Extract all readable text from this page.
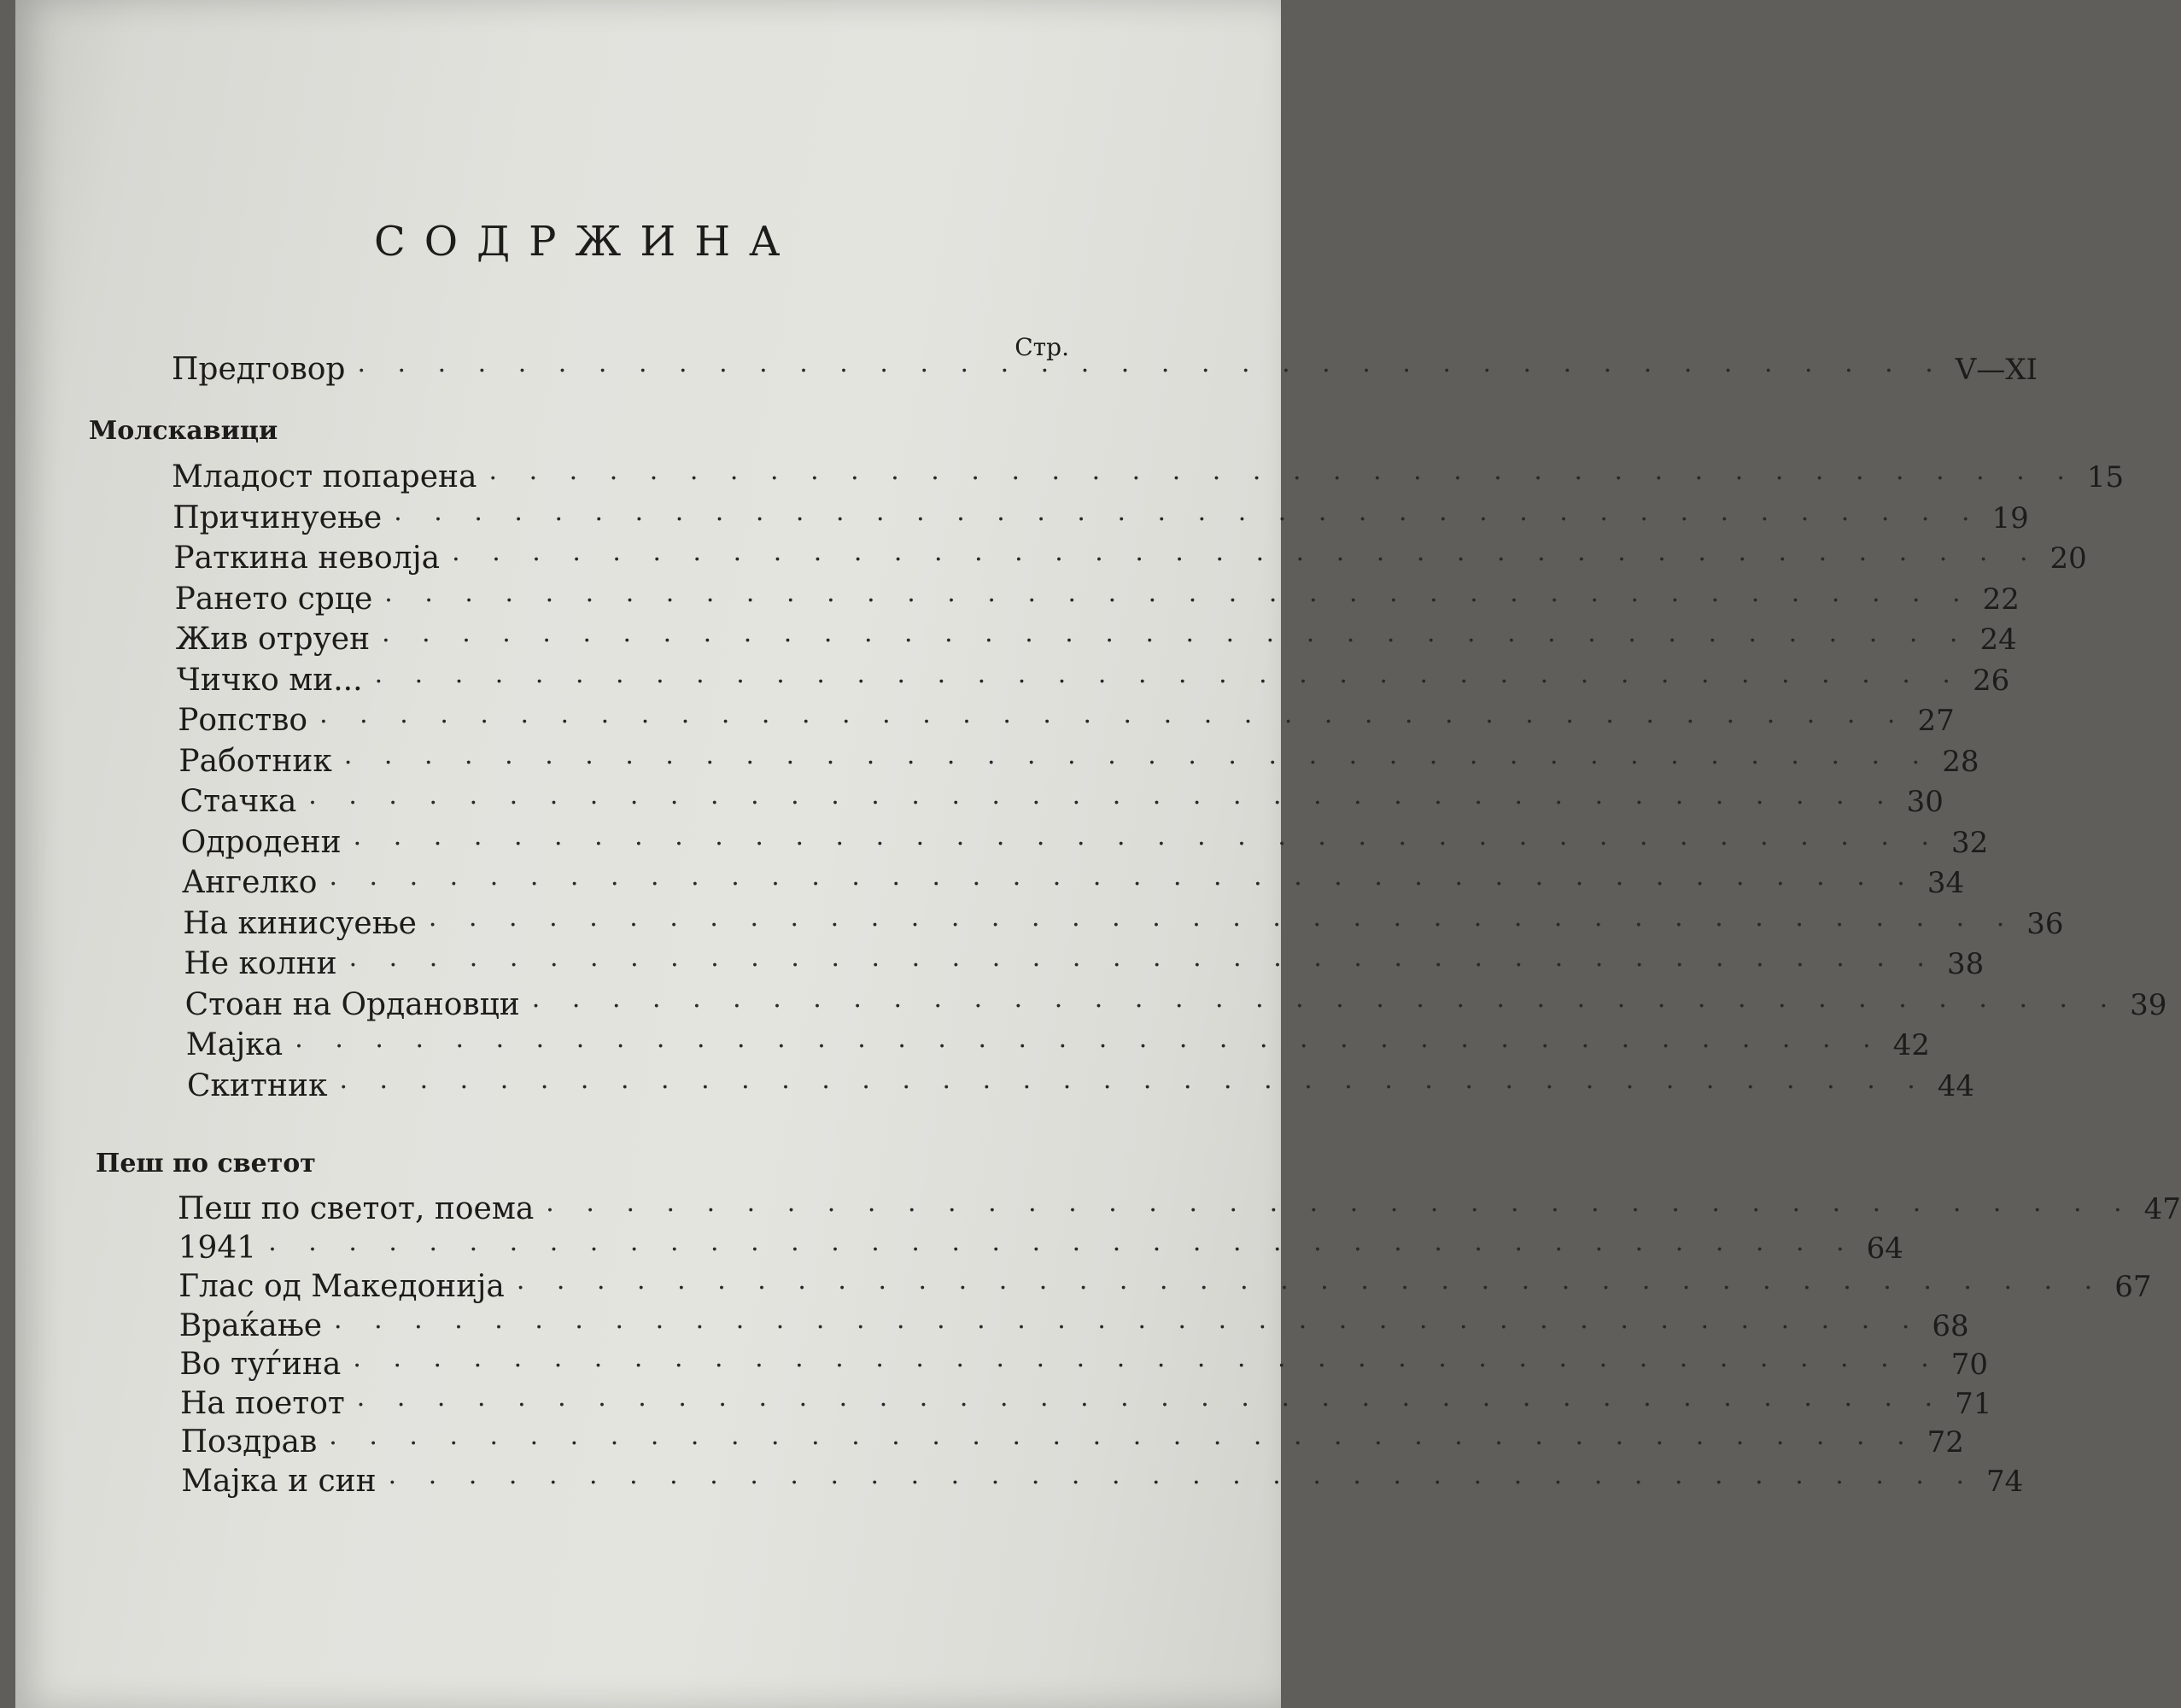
СОДРЖИНА
Стр.
Предговор · · · · · · · · · · · · · · · · · · · · · · · · · · · · · · · · · · · · · · · · V—XI
Молскавици
Младост попарена · · · · · · · · · · · · · · · · · · · · · · · · · · · · · · · · · · · · · · · · 15
Причинуење · · · · · · · · · · · · · · · · · · · · · · · · · · · · · · · · · · · · · · · · 19
Раткина неволја · · · · · · · · · · · · · · · · · · · · · · · · · · · · · · · · · · · · · · · · 20
Рането срце · · · · · · · · · · · · · · · · · · · · · · · · · · · · · · · · · · · · · · · · 22
Жив отруен · · · · · · · · · · · · · · · · · · · · · · · · · · · · · · · · · · · · · · · · 24
Чичко ми... · · · · · · · · · · · · · · · · · · · · · · · · · · · · · · · · · · · · · · · · 26
Ропство · · · · · · · · · · · · · · · · · · · · · · · · · · · · · · · · · · · · · · · · 27
Работник · · · · · · · · · · · · · · · · · · · · · · · · · · · · · · · · · · · · · · · · 28
Стачка · · · · · · · · · · · · · · · · · · · · · · · · · · · · · · · · · · · · · · · · 30
Одродени · · · · · · · · · · · · · · · · · · · · · · · · · · · · · · · · · · · · · · · · 32
Ангелко · · · · · · · · · · · · · · · · · · · · · · · · · · · · · · · · · · · · · · · · 34
На кинисуење · · · · · · · · · · · · · · · · · · · · · · · · · · · · · · · · · · · · · · · · 36
Не колни · · · · · · · · · · · · · · · · · · · · · · · · · · · · · · · · · · · · · · · · 38
Стоан на Ордановци · · · · · · · · · · · · · · · · · · · · · · · · · · · · · · · · · · · · · · · · 39
Мајка · · · · · · · · · · · · · · · · · · · · · · · · · · · · · · · · · · · · · · · · 42
Скитник · · · · · · · · · · · · · · · · · · · · · · · · · · · · · · · · · · · · · · · · 44
Пеш по светот
Пеш по светот, поема · · · · · · · · · · · · · · · · · · · · · · · · · · · · · · · · · · · · · · · · 47
1941 · · · · · · · · · · · · · · · · · · · · · · · · · · · · · · · · · · · · · · · · 64
Глас од Македонија · · · · · · · · · · · · · · · · · · · · · · · · · · · · · · · · · · · · · · · · 67
Враќање · · · · · · · · · · · · · · · · · · · · · · · · · · · · · · · · · · · · · · · · 68
Во туѓина · · · · · · · · · · · · · · · · · · · · · · · · · · · · · · · · · · · · · · · · 70
На поетот · · · · · · · · · · · · · · · · · · · · · · · · · · · · · · · · · · · · · · · · 71
Поздрав · · · · · · · · · · · · · · · · · · · · · · · · · · · · · · · · · · · · · · · · 72
Мајка и син · · · · · · · · · · · · · · · · · · · · · · · · · · · · · · · · · · · · · · · · 74
